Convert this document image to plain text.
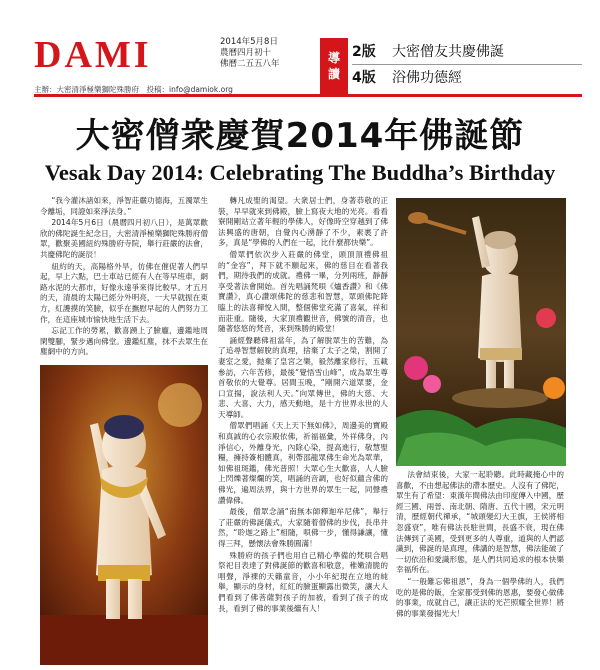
DAMI	2014年5月8日
農曆四月初十
佛曆二五五八年	導
讀
2版	大密僧友共慶佛誕
4版	浴佛功德經
主辦：大密清淨極樂獅陀殊勝府　投稿：info@damiok.org
大密僧衆慶賀2014年佛誕節
Vesak Day 2014: Celebrating The Buddha’s Birthday

“我今灌沐諸如來，淨智莊嚴功德海，五濁眾生令離垢，同證如來淨法身。”

2014年5月6日（農曆四月初八日），是萬眾歡欣的佛陀誕生紀念日，大密清淨極樂獅陀殊勝府僧眾，歡聚美國紐約殊勝府寺院，舉行莊嚴的法會，共慶佛陀的誕辰！

紐約的天，高陽格外旱，仿佛在催促著人們早起，早上六點，巴士車站已經有人在等早班車，網路水泥的大都市，好像永遠爭來得比較早。才五月的天，清晨的太陽已經分外明亮，一大早就振在東方，紅護摸的笑臉，似乎在撫慰早起的人們努力工作，在這座城市愉快地生活下去。

忘記工作的勞累，歡喜踴上了臉龐，邊鑑地周閑雙腳，緊步邁向佛堂。邊鑑紅塵，抹不去眾生在塵網中的方向。

轉凡成聖的渴望。大衆居士們，身著恭敬的正裝，早早就來到佛殿，臉上寫夜大地的光亮。看看寮開剛站立著年輕的學佛人，好像時空穿越到了佛法興盛的唐朝，自覺內心湧靜了不少，素裹了許多，真是“學佛的人們在一起，比什麼都快樂”。

僧眾們依次步入莊嚴的佛堂，頭頂頂禮佛祖的“金容”，拜下就不願起來，佛的慈目在看著我們，期待我們的成就。禮佛一畢，分列兩班，靜靜享受著法會開始。首先唱誦梵唄《爐香讚》和《佛寶讚》，真心讚頌佛陀的慈悲和智慧，眾頭佛陀降臨上的法喜禪悅入間，整個佛堂充滿了喜氣，祥和而莊重。隨後，大家頂禮觀世音，佛號的清音，也隨著悠悠的梵音，來到殊勝的殿堂！

誦經聲聽佛祖當年，為了解脫眾生的苦難，為了追尋智慧解脫的真理，捨棄了太子之榮，割開了妻室之愛，抛棄了皇宮之樂，毅然離家修行，五載參訪，六年苦修，最後“覺悟雪山峰”，成為眾生尊首敬依的大覺尊。居間玉晚，“剛開六道眾要，金口宣揚，說法利人天。”向眾傳世，佛的大慈、大悲、大喜、大力，感天動地，是十方世界永世的人天導師。

僧眾們唱誦《天上天下無如佛》，周邊美的寶殿和真誠的心衣宗殿依佛，祈福福彙，外祥佛身，內淨信心，外離身光，內除心染，提高進行，敬慧聖糧，擁持簽相體真，利帶邵龍眾佛生命光為眾華，如佛祖斑鑑，佛光普照！大眾心生大歡喜，人人臉上閃爍著燦爛的笑，唱誦的音調，也好似蘊含佛的佛光，遍周法界，與十方世界的眾生一起，同聲禮讚偉佛。

最後，僧眾念誦“南無本師釋迦牟尼佛”，舉行了莊嚴的佛誕儀式，大家隨着僧佛的步伐，長串井然，“聆迦之路上”相隨，唄佛一步，懂得謙讓，懂得三拜，懸懷法會殊勝圓滿！

殊勝府的孩子們也用自己精心準備的梵唄合唱祭祀目表達了對佛誕節的歡喜和敬意，稚嫩清脆的唱聲，淨裸的天籟童音，小小年紀現在立地的純舉，顯示的身材，紅紅的臉蛋顯露出微笑，讓大人們看到了佛菩薩對孩子的加被，看到了孩子的成長，看到了佛的事業後繼有人！

法會結束後，大家一起聆聽。此時藏掩心中的喜歡，不由想起佛法的滯本歷史。人沒有了佛陀，眾生有了希望：東漢年間佛法由印度傳入中國，歷經三國、兩晉、南北朝、隋唐、五代十國，宋元明清，歷經朝代禪承，“城頭變幻大王旗，王侯將相忽盛衰”，唯有佛法長駐世間，長盛不衰，現在佛法傳到了美國，受到更多的人尊重，道與的人們認識到，佛誕的是真理，佛講的是智慧，佛法能破了一切依沿和愛識形態，是人們共同追求的根本快樂幸福所在。

“一般難忘佛祖恩”，身為一個學佛的人，我們吃的是佛的飯，全家都受到佛的恩惠，要發心做佛的事業，成就自己，讓正法的光芒照耀全世界！將佛的事業發揚光大！
